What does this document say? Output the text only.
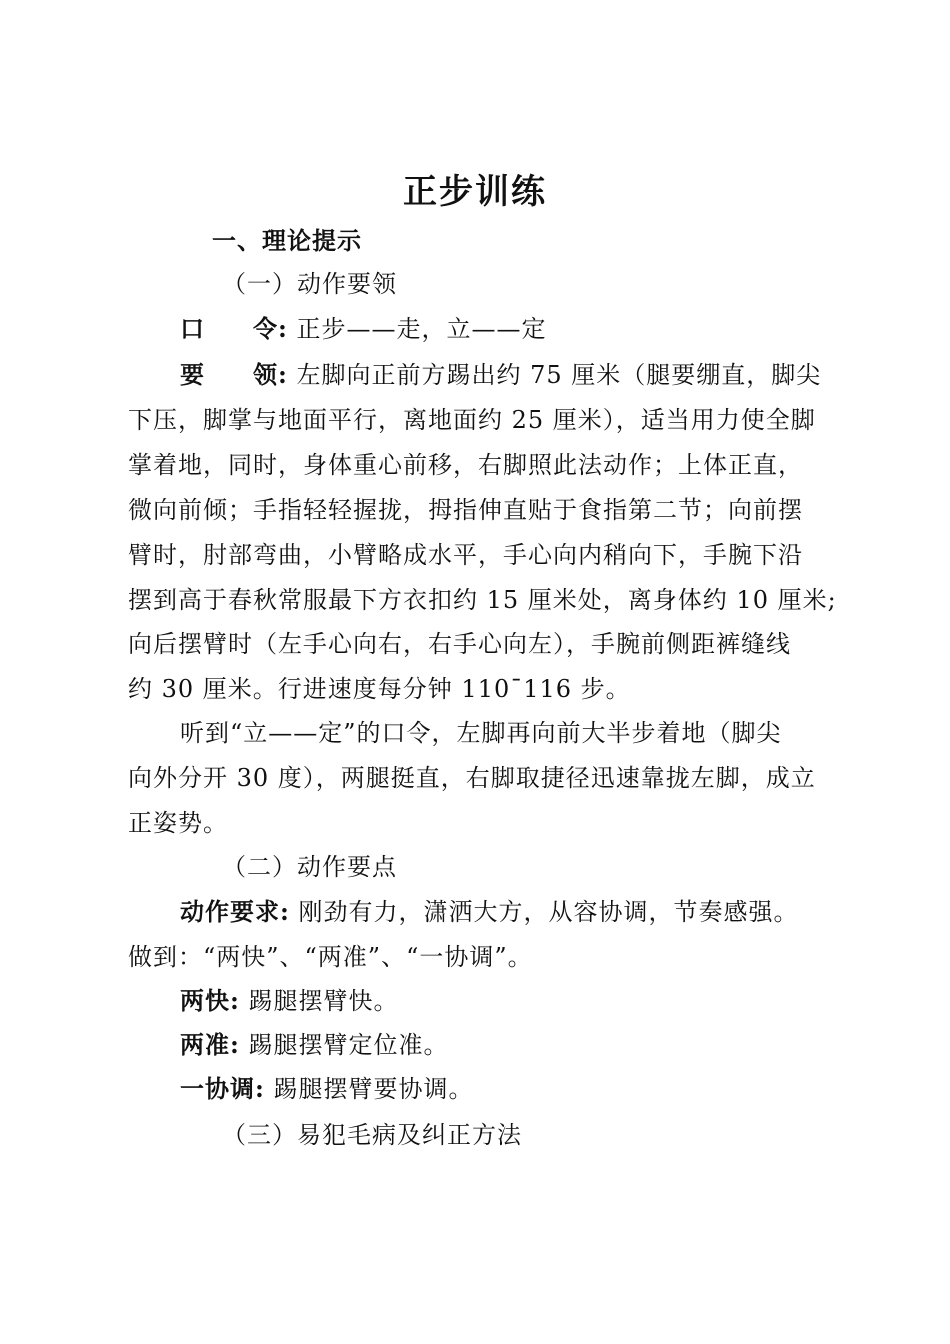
正步训练
一、理论提示
（一）动作要领
口 令: 正步——走，立——定
要 领: 左脚向正前方踢出约 75 厘米（腿要绷直，脚尖
下压，脚掌与地面平行，离地面约 25 厘米），适当用力使全脚
掌着地，同时，身体重心前移，右脚照此法动作；上体正直，
微向前倾；手指轻轻握拢，拇指伸直贴于食指第二节；向前摆
臂时，肘部弯曲，小臂略成水平，手心向内稍向下，手腕下沿
摆到高于春秋常服最下方衣扣约 15 厘米处，离身体约 10 厘米;
向后摆臂时（左手心向右，右手心向左），手腕前侧距裤缝线
约 30 厘米。行进速度每分钟 110¯116 步。
听到“立——定”的口令，左脚再向前大半步着地（脚尖
向外分开 30 度），两腿挺直，右脚取捷径迅速靠拢左脚，成立
正姿势。
（二）动作要点
动作要求: 刚劲有力，潇洒大方，从容协调，节奏感强。
做到：“两快”、“两准”、“一协调”。
两快: 踢腿摆臂快。
两准: 踢腿摆臂定位准。
一协调: 踢腿摆臂要协调。
（三）易犯毛病及纠正方法
